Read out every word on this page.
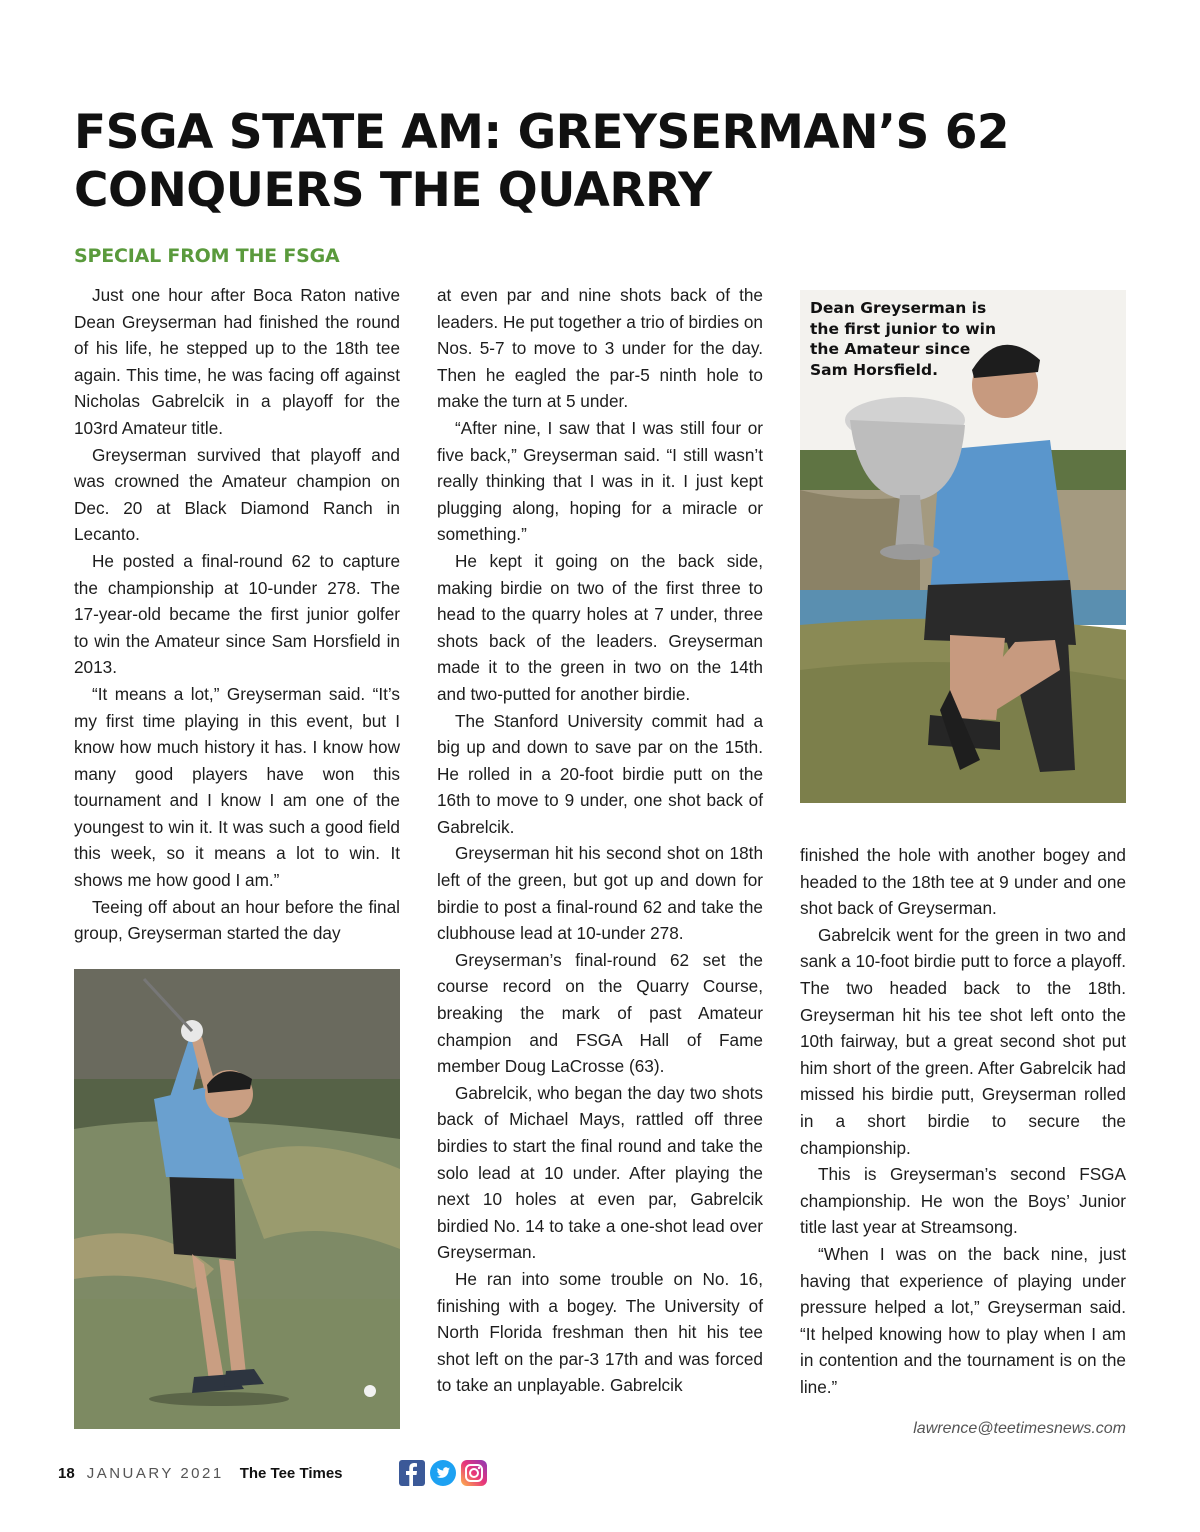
FSGA STATE AM: GREYSERMAN’S 62 CONQUERS THE QUARRY
SPECIAL FROM THE FSGA

Just one hour after Boca Raton native Dean Greyserman had finished the round of his life, he stepped up to the 18th tee again. This time, he was facing off against Nicholas Gabrelcik in a playoff for the 103rd Amateur title.

Greyserman survived that playoff and was crowned the Amateur champion on Dec. 20 at Black Diamond Ranch in Lecanto.

He posted a final-round 62 to capture the championship at 10-under 278. The 17-year-old became the first junior golfer to win the Amateur since Sam Horsfield in 2013.

“It means a lot,” Greyserman said. “It’s my first time playing in this event, but I know how much history it has. I know how many good players have won this tournament and I know I am one of the youngest to win it. It was such a good field this week, so it means a lot to win. It shows me how good I am.”

Teeing off about an hour before the final group, Greyserman started the day

at even par and nine shots back of the leaders. He put together a trio of birdies on Nos. 5-7 to move to 3 under for the day. Then he eagled the par-5 ninth hole to make the turn at 5 under.

“After nine, I saw that I was still four or five back,” Greyserman said. “I still wasn’t really thinking that I was in it. I just kept plugging along, hoping for a miracle or something.”

He kept it going on the back side, making birdie on two of the first three to head to the quarry holes at 7 under, three shots back of the leaders. Greyserman made it to the green in two on the 14th and two-putted for another birdie.

The Stanford University commit had a big up and down to save par on the 15th. He rolled in a 20-foot birdie putt on the 16th to move to 9 under, one shot back of Gabrelcik.

Greyserman hit his second shot on 18th left of the green, but got up and down for birdie to post a final-round 62 and take the clubhouse lead at 10-under 278.

Greyserman’s final-round 62 set the course record on the Quarry Course, breaking the mark of past Amateur champion and FSGA Hall of Fame member Doug LaCrosse (63).

Gabrelcik, who began the day two shots back of Michael Mays, rattled off three birdies to start the final round and take the solo lead at 10 under. After playing the next 10 holes at even par, Gabrelcik birdied No. 14 to take a one-shot lead over Greyserman.

He ran into some trouble on No. 16, finishing with a bogey. The University of North Florida freshman then hit his tee shot left on the par-3 17th and was forced to take an unplayable. Gabrelcik

Dean Greyserman is the first junior to win the Amateur since Sam Horsfield.

finished the hole with another bogey and headed to the 18th tee at 9 under and one shot back of Greyserman.

Gabrelcik went for the green in two and sank a 10-foot birdie putt to force a playoff. The two headed back to the 18th. Greyserman hit his tee shot left onto the 10th fairway, but a great second shot put him short of the green. After Gabrelcik had missed his birdie putt, Greyserman rolled in a short birdie to secure the championship.

This is Greyserman’s second FSGA championship. He won the Boys’ Junior title last year at Streamsong.

“When I was on the back nine, just having that experience of playing under pressure helped a lot,” Greyserman said. “It helped knowing how to play when I am in contention and the tournament is on the line.”

lawrence@teetimesnews.com

18 JANUARY 2021 The Tee Times
